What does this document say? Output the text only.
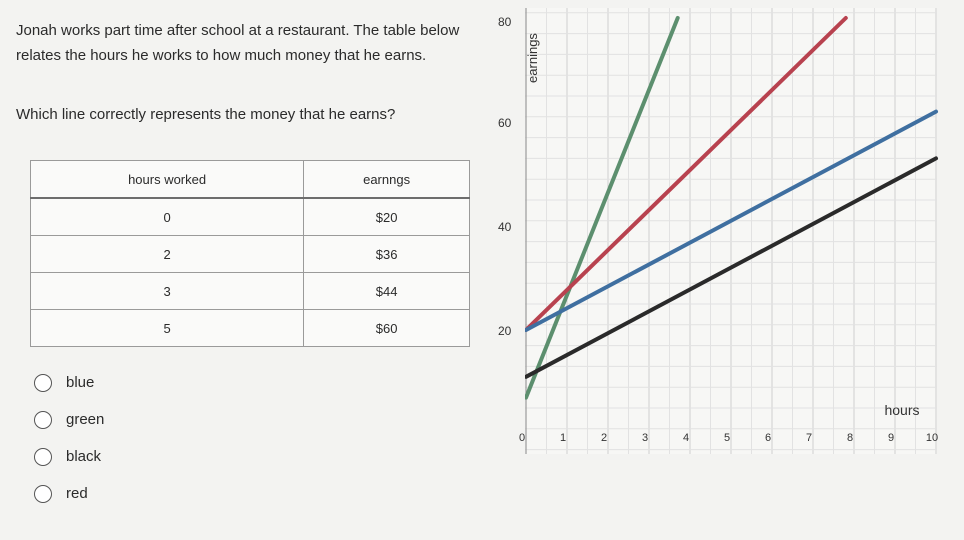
Jonah works part time after school at a restaurant. The table below relates the hours he works to how much money that he earns.

Which line correctly represents the money that he earns?

hours worked	earnngs
0	$20
2	$36
3	$44
5	$60
blue
green
black
red
0	1	2	3	4	5	6	7	8	9	10
20
40
60
80
earnings
hours
